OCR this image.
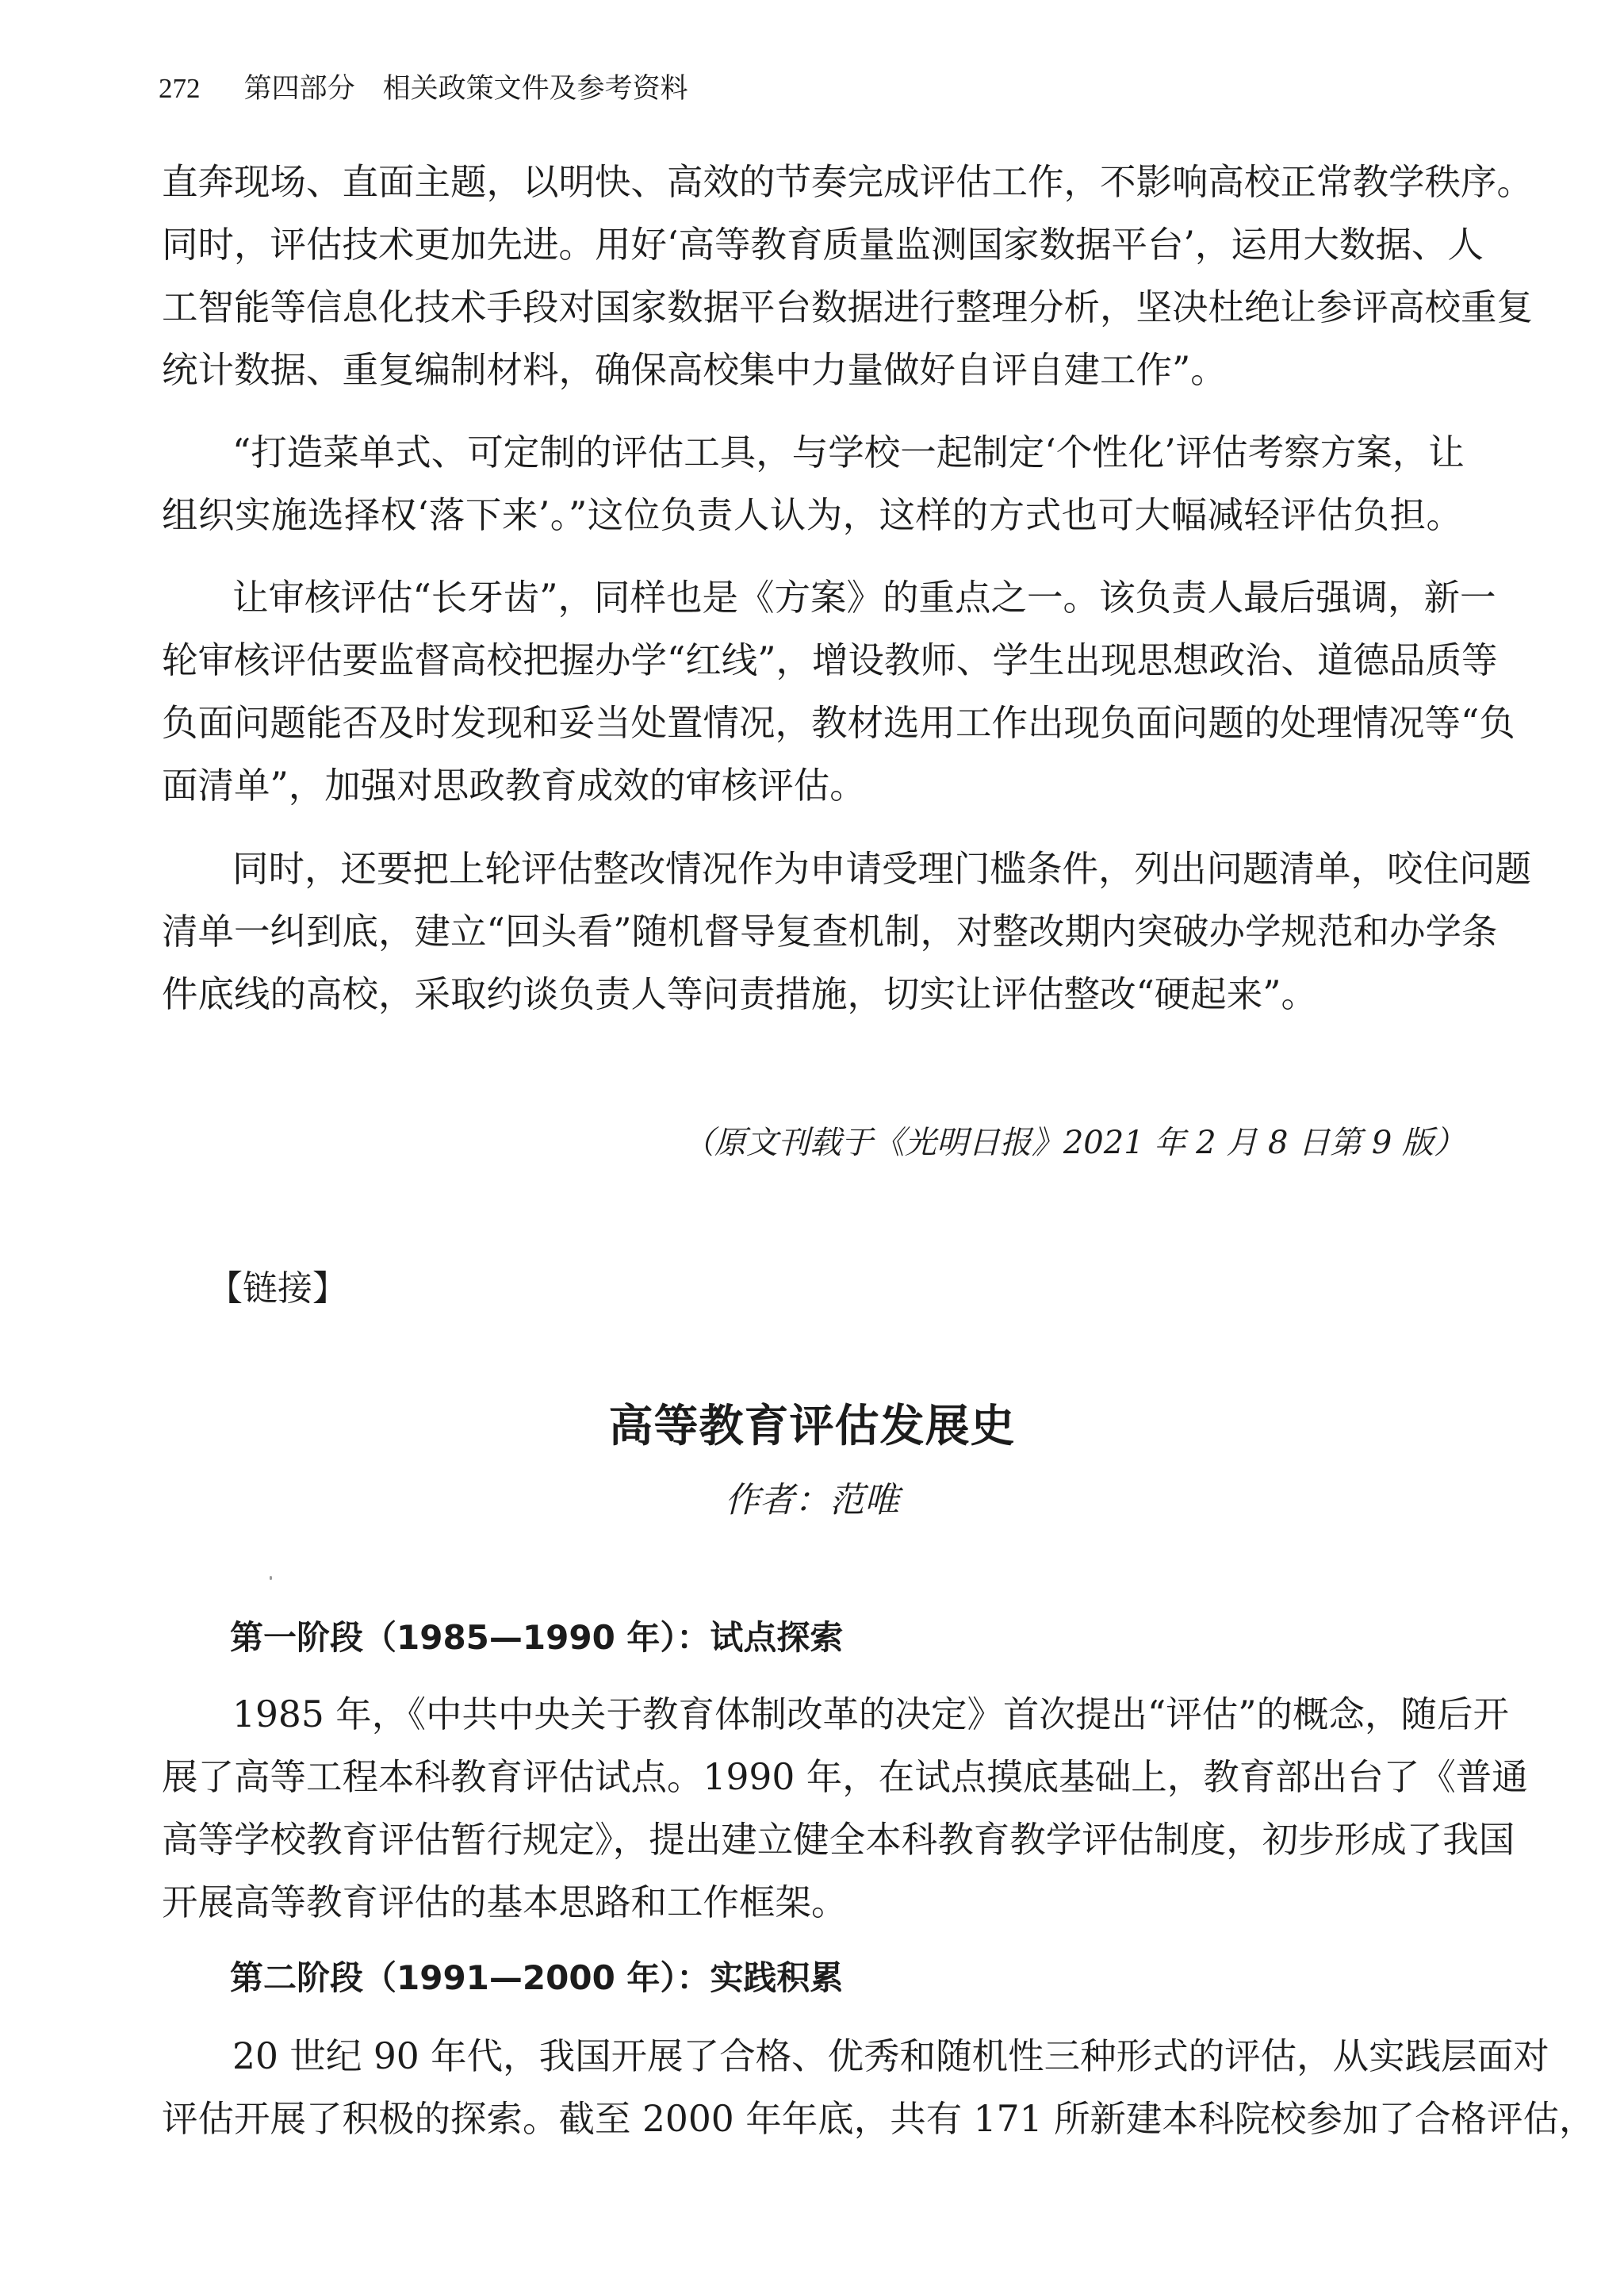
272 第四部分　相关政策文件及参考资料
直奔现场、直面主题，以明快、高效的节奏完成评估工作，不影响高校正常教学秩序。
同时，评估技术更加先进。用好‘高等教育质量监测国家数据平台’，运用大数据、人
工智能等信息化技术手段对国家数据平台数据进行整理分析，坚决杜绝让参评高校重复
统计数据、重复编制材料，确保高校集中力量做好自评自建工作”。
“打造菜单式、可定制的评估工具，与学校一起制定‘个性化’评估考察方案，让
组织实施选择权‘落下来’。”这位负责人认为，这样的方式也可大幅减轻评估负担。
让审核评估“长牙齿”，同样也是《方案》的重点之一。该负责人最后强调，新一
轮审核评估要监督高校把握办学“红线”，增设教师、学生出现思想政治、道德品质等
负面问题能否及时发现和妥当处置情况，教材选用工作出现负面问题的处理情况等“负
面清单”，加强对思政教育成效的审核评估。
同时，还要把上轮评估整改情况作为申请受理门槛条件，列出问题清单，咬住问题
清单一纠到底，建立“回头看”随机督导复查机制，对整改期内突破办学规范和办学条
件底线的高校，采取约谈负责人等问责措施，切实让评估整改“硬起来”。
（原文刊载于《光明日报》2021 年 2 月 8 日第 9 版）
【链接】
高等教育评估发展史
作者：范唯
第一阶段（1985—1990 年）：试点探索
1985 年，《中共中央关于教育体制改革的决定》首次提出“评估”的概念，随后开
展了高等工程本科教育评估试点。1990 年，在试点摸底基础上，教育部出台了《普通
高等学校教育评估暂行规定》，提出建立健全本科教育教学评估制度，初步形成了我国
开展高等教育评估的基本思路和工作框架。
第二阶段（1991—2000 年）：实践积累
20 世纪 90 年代，我国开展了合格、优秀和随机性三种形式的评估，从实践层面对
评估开展了积极的探索。截至 2000 年年底，共有 171 所新建本科院校参加了合格评估，
